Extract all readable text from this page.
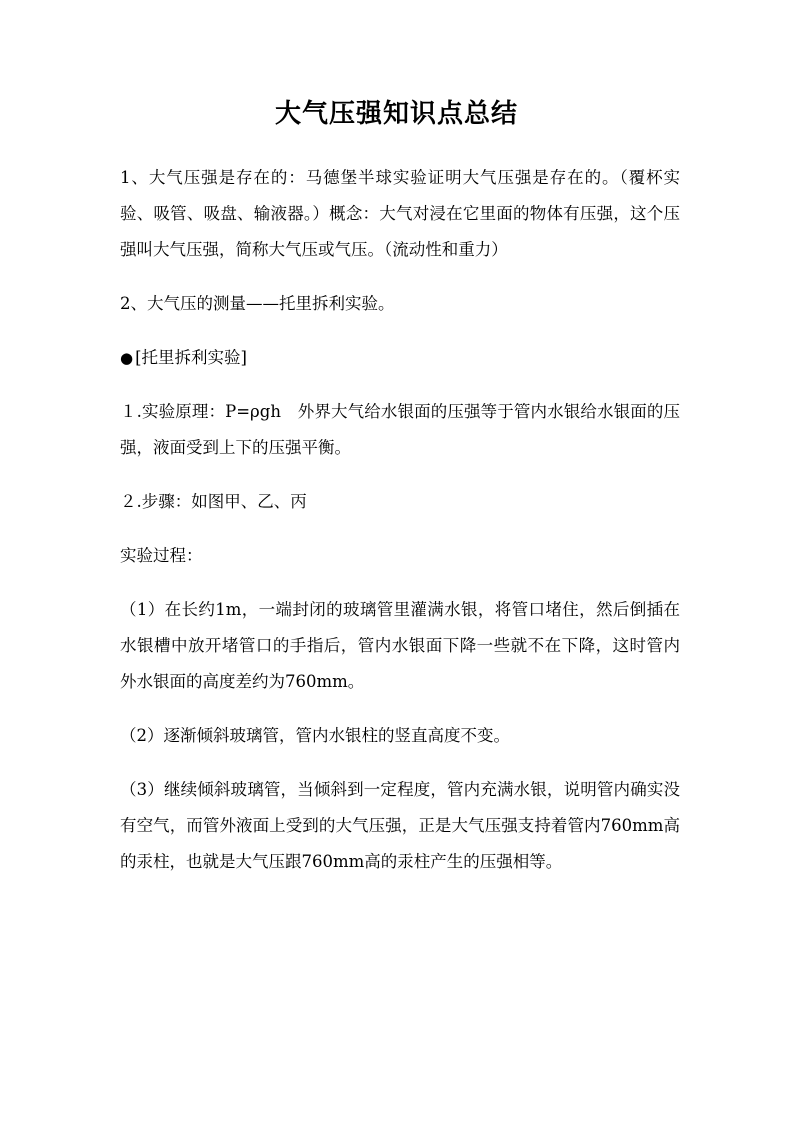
大气压强知识点总结

1、大气压强是存在的：马德堡半球实验证明大气压强是存在的。（覆杯实验、吸管、吸盘、输液器。）概念：大气对浸在它里面的物体有压强，这个压强叫大气压强，简称大气压或气压。（流动性和重力）

2、大气压的测量——托里拆利实验。

● [托里拆利实验]

１.实验原理：P=ρgh　外界大气给水银面的压强等于管内水银给水银面的压强，液面受到上下的压强平衡。

２.步骤：如图甲、乙、丙

实验过程：

（1）在长约1m，一端封闭的玻璃管里灌满水银，将管口堵住，然后倒插在水银槽中放开堵管口的手指后，管内水银面下降一些就不在下降，这时管内外水银面的高度差约为760mm。

（2）逐渐倾斜玻璃管，管内水银柱的竖直高度不变。

（3）继续倾斜玻璃管，当倾斜到一定程度，管内充满水银，说明管内确实没有空气，而管外液面上受到的大气压强，正是大气压强支持着管内760mm高的汞柱，也就是大气压跟760mm高的汞柱产生的压强相等。
